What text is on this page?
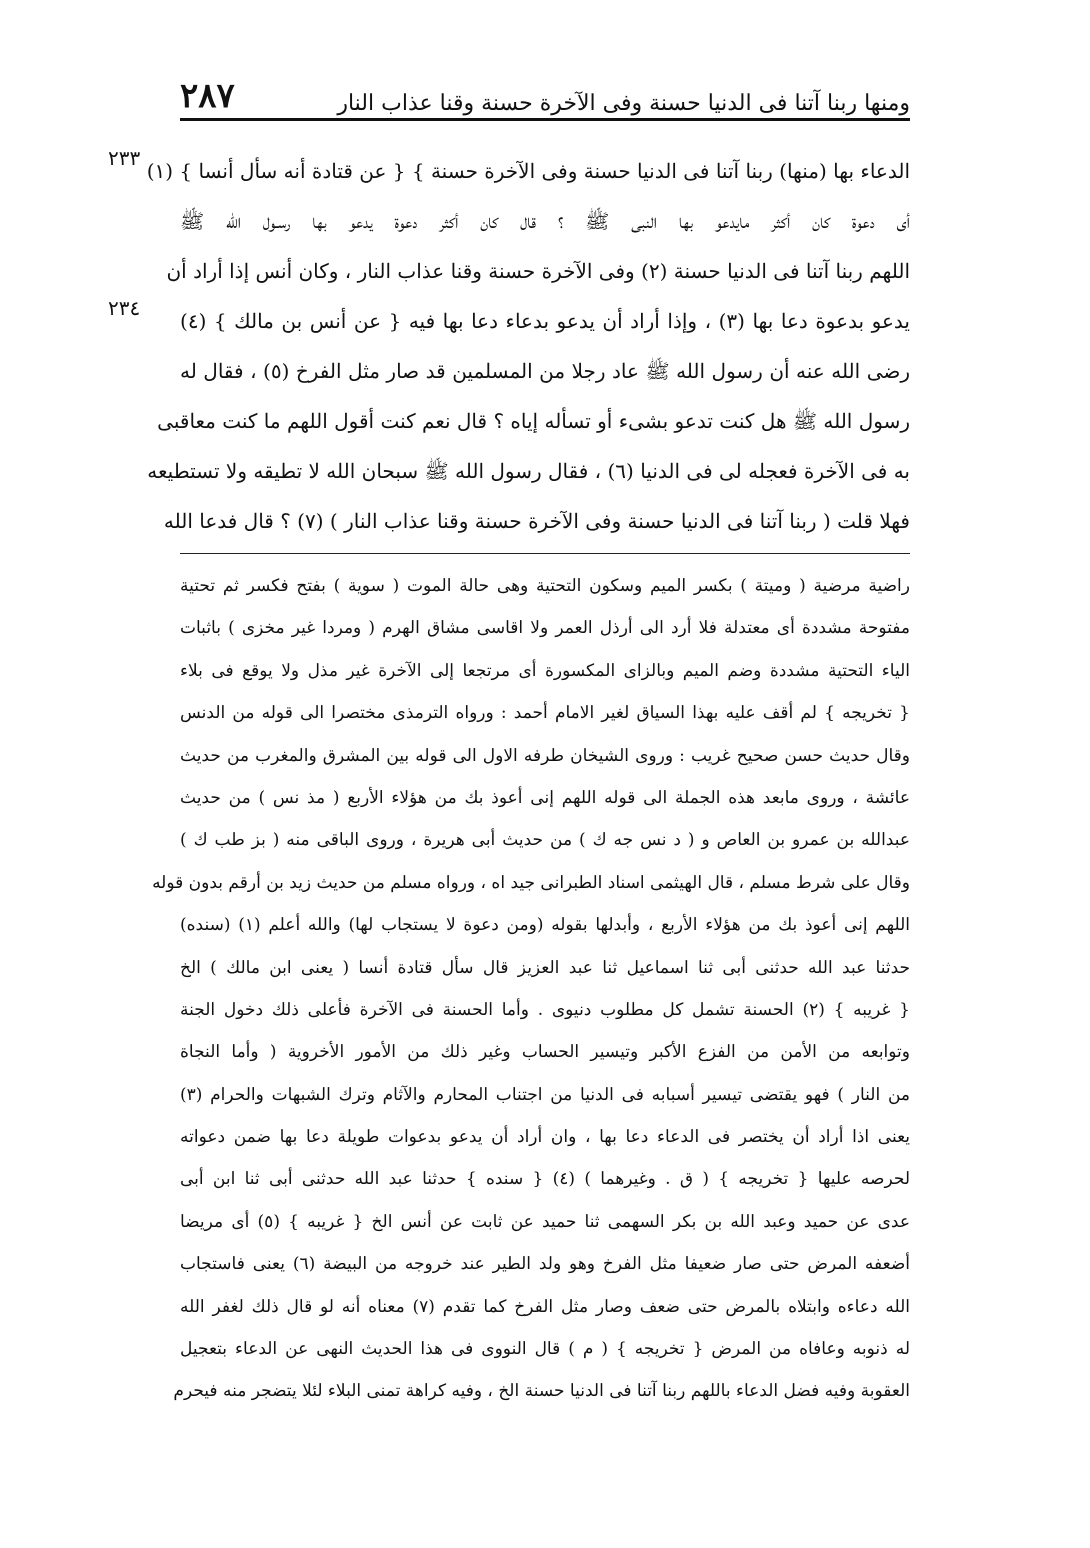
ومنها ربنا آتنا فى الدنيا حسنة وفى الآخرة حسنة وقنا عذاب النار
٢٨٧
٢٣٣
٢٣٤
الدعاء بها (منها) ربنا آتنا فى الدنيا حسنة وفى الآخرة حسنة } { عن قتادة أنه سأل أنسا } (١)
أى دعوة كان أكثر مايدعو بها النبى ﷺ ؟ قال كان أكثر دعوة يدعو بها رسـول الله ﷺ
اللهم ربنا آتنا فى الدنيا حسنة (٢) وفى الآخرة حسنة وقنا عذاب النار ، وكان أنس إذا أراد أن
يدعو بدعوة دعا بها (٣) ، وإذا أراد أن يدعو بدعاء دعا بها فيه { عن أنس بن مالك } (٤)
رضى الله عنه أن رسول الله ﷺ عاد رجلا من المسلمين قد صار مثل الفرخ (٥) ، فقال له
رسول الله ﷺ هل كنت تدعو بشىء أو تسأله إياه ؟ قال نعم كنت أقول اللهم ما كنت معاقبى
به فى الآخرة فعجله لى فى الدنيا (٦) ، فقال رسول الله ﷺ سبحان الله لا تطيقه ولا تستطيعه
فهلا قلت ( ربنا آتنا فى الدنيا حسنة وفى الآخرة حسنة وقنا عذاب النار ) (٧) ؟ قال فدعا الله
راضية مرضية ( وميتة ) بكسر الميم وسكون التحتية وهى حالة الموت ( سوية ) بفتح فكسر ثم تحتية
مفتوحة مشددة أى معتدلة فلا أرد الى أرذل العمر ولا اقاسى مشاق الهرم ( ومردا غير مخزى ) باثبات
الياء التحتية مشددة وضم الميم وبالزاى المكسورة أى مرتجعا إلى الآخرة غير مذل ولا يوقع فى بلاء
{ تخريجه } لم أقف عليه بهذا السياق لغير الامام أحمد : ورواه الترمذى مختصرا الى قوله من الدنس
وقال حديث حسن صحيح غريب : وروى الشيخان طرفه الاول الى قوله بين المشرق والمغرب من حديث
عائشة ، وروى مابعد هذه الجملة الى قوله اللهم إنى أعوذ بك من هؤلاء الأربع ( مذ نس ) من حديث
عبدالله بن عمرو بن العاص و ( د نس جه ك ) من حديث أبى هريرة ، وروى الباقى منه ( بز طب ك )
وقال على شرط مسلم ، قال الهيثمى اسناد الطبرانى جيد اه ، ورواه مسلم من حديث زيد بن أرقم بدون قوله
اللهم إنى أعوذ بك من هؤلاء الأربع ، وأبدلها بقوله (ومن دعوة لا يستجاب لها) والله أعلم (١) (سنده)
حدثنا عبد الله حدثنى أبى ثنا اسماعيل ثنا عبد العزيز قال سأل قتادة أنسا ( يعنى ابن مالك ) الخ
{ غريبه } (٢) الحسنة تشمل كل مطلوب دنيوى . وأما الحسنة فى الآخرة فأعلى ذلك دخول الجنة
وتوابعه من الأمن من الفزع الأكبر وتيسير الحساب وغير ذلك من الأمور الأخروية ( وأما النجاة
من النار ) فهو يقتضى تيسير أسبابه فى الدنيا من اجتناب المحارم والآثام وترك الشبهات والحرام (٣)
يعنى اذا أراد أن يختصر فى الدعاء دعا بها ، وان أراد أن يدعو بدعوات طويلة دعا بها ضمن دعواته
لحرصه عليها { تخريجه } ( ق . وغيرهما ) (٤) { سنده } حدثنا عبد الله حدثنى أبى ثنا ابن أبى
عدى عن حميد وعبد الله بن بكر السهمى ثنا حميد عن ثابت عن أنس الخ { غريبه } (٥) أى مريضا
أضعفه المرض حتى صار ضعيفا مثل الفرخ وهو ولد الطير عند خروجه من البيضة (٦) يعنى فاستجاب
الله دعاءه وابتلاه بالمرض حتى ضعف وصار مثل الفرخ كما تقدم (٧) معناه أنه لو قال ذلك لغفر الله
له ذنوبه وعافاه من المرض { تخريجه } ( م ) قال النووى فى هذا الحديث النهى عن الدعاء بتعجيل
العقوبة وفيه فضل الدعاء باللهم ربنا آتنا فى الدنيا حسنة الخ ، وفيه كراهة تمنى البلاء لئلا يتضجر منه فيحرم
